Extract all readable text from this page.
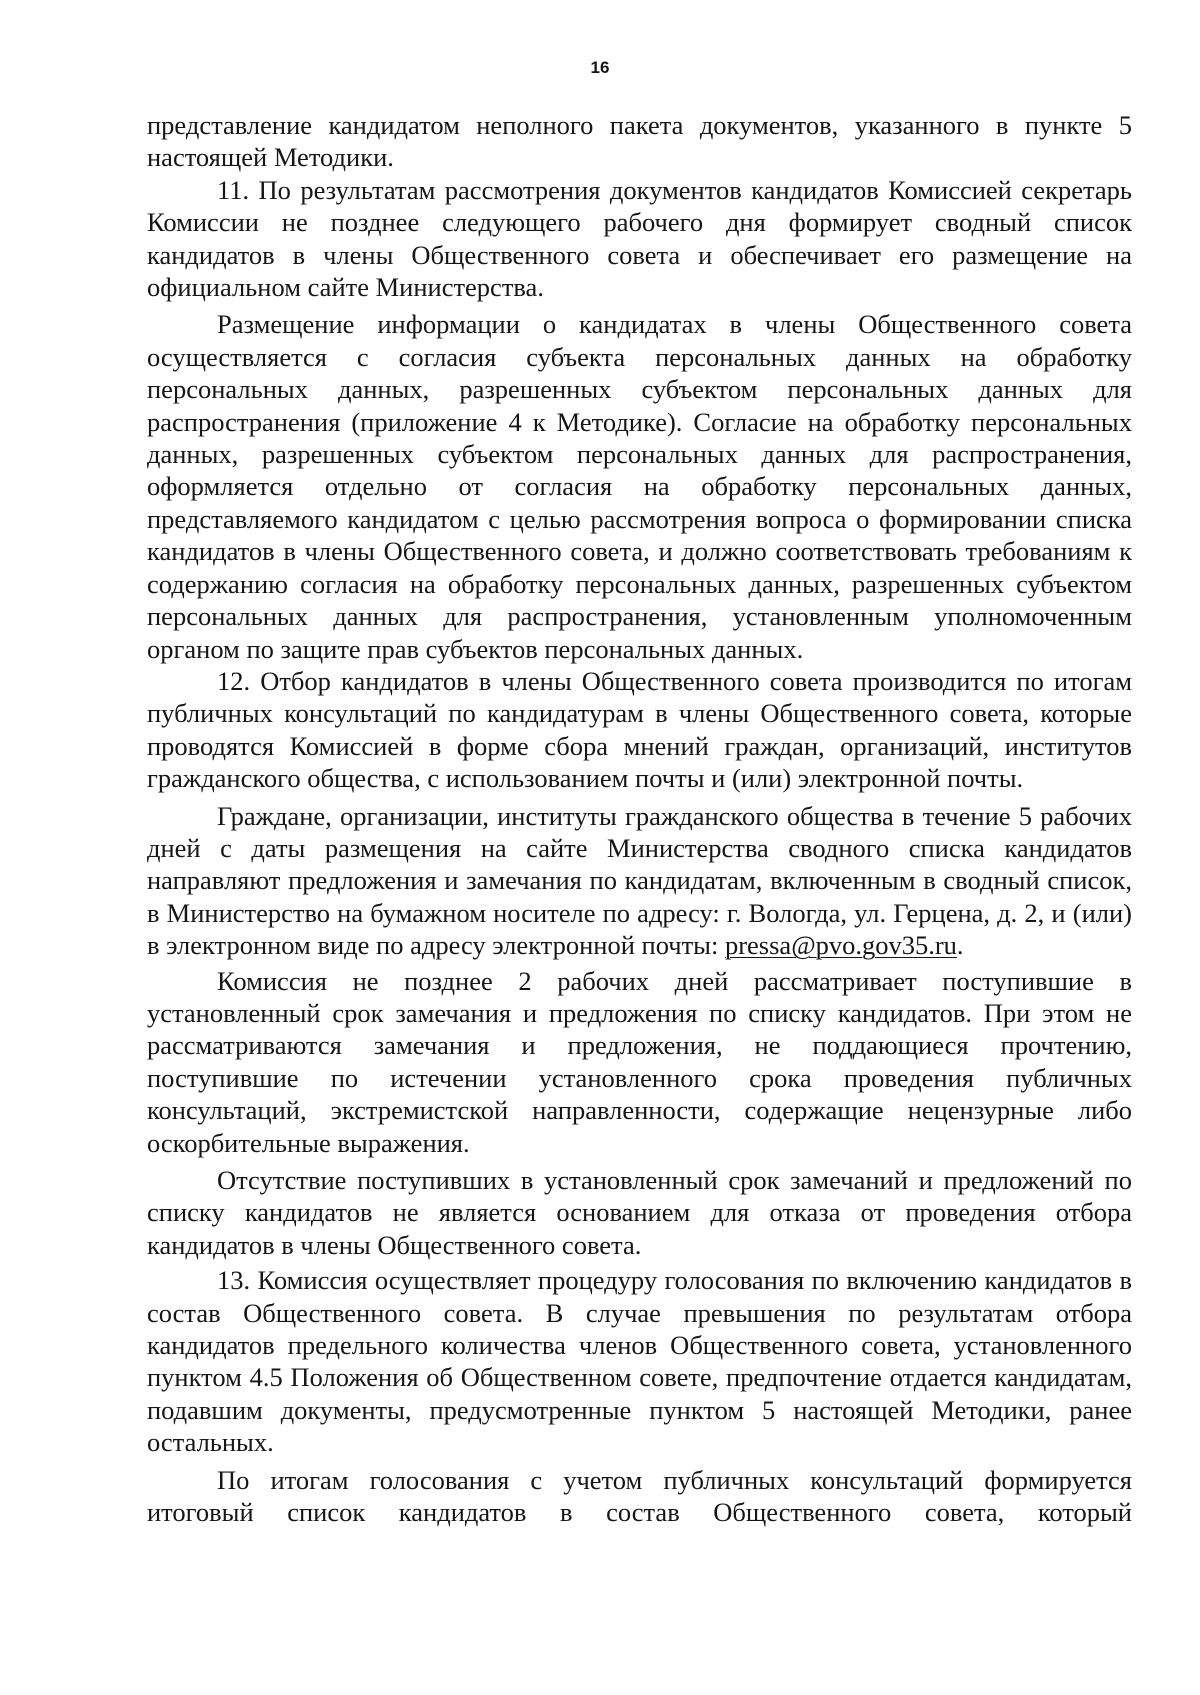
16

представление кандидатом неполного пакета документов, указанного в пункте 5 настоящей Методики.

11. По результатам рассмотрения документов кандидатов Комиссией секретарь Комиссии не позднее следующего рабочего дня формирует сводный список кандидатов в члены Общественного совета и обеспечивает его размещение на официальном сайте Министерства.

Размещение информации о кандидатах в члены Общественного совета осуществляется с согласия субъекта персональных данных на обработку персональных данных, разрешенных субъектом персональных данных для распространения (приложение 4 к Методике). Согласие на обработку персональных данных, разрешенных субъектом персональных данных для распространения, оформляется отдельно от согласия на обработку персональных данных, представляемого кандидатом с целью рассмотрения вопроса о формировании списка кандидатов в члены Общественного совета, и должно соответствовать требованиям к содержанию согласия на обработку персональных данных, разрешенных субъектом персональных данных для распространения, установленным уполномоченным органом по защите прав субъектов персональных данных.

12. Отбор кандидатов в члены Общественного совета производится по итогам публичных консультаций по кандидатурам в члены Общественного совета, которые проводятся Комиссией в форме сбора мнений граждан, организаций, институтов гражданского общества, с использованием почты и (или) электронной почты.

Граждане, организации, институты гражданского общества в течение 5 рабочих дней с даты размещения на сайте Министерства сводного списка кандидатов направляют предложения и замечания по кандидатам, включенным в сводный список, в Министерство на бумажном носителе по адресу: г. Вологда, ул. Герцена, д. 2, и (или) в электронном виде по адресу электронной почты: pressa@pvo.gov35.ru.

Комиссия не позднее 2 рабочих дней рассматривает поступившие в установленный срок замечания и предложения по списку кандидатов. При этом не рассматриваются замечания и предложения, не поддающиеся прочтению, поступившие по истечении установленного срока проведения публичных консультаций, экстремистской направленности, содержащие нецензурные либо оскорбительные выражения.

Отсутствие поступивших в установленный срок замечаний и предложений по списку кандидатов не является основанием для отказа от проведения отбора кандидатов в члены Общественного совета.

13. Комиссия осуществляет процедуру голосования по включению кандидатов в состав Общественного совета. В случае превышения по результатам отбора кандидатов предельного количества членов Общественного совета, установленного пунктом 4.5 Положения об Общественном совете, предпочтение отдается кандидатам, подавшим документы, предусмотренные пунктом 5 настоящей Методики, ранее остальных.

По итогам голосования с учетом публичных консультаций формируется итоговый список кандидатов в состав Общественного совета, который
